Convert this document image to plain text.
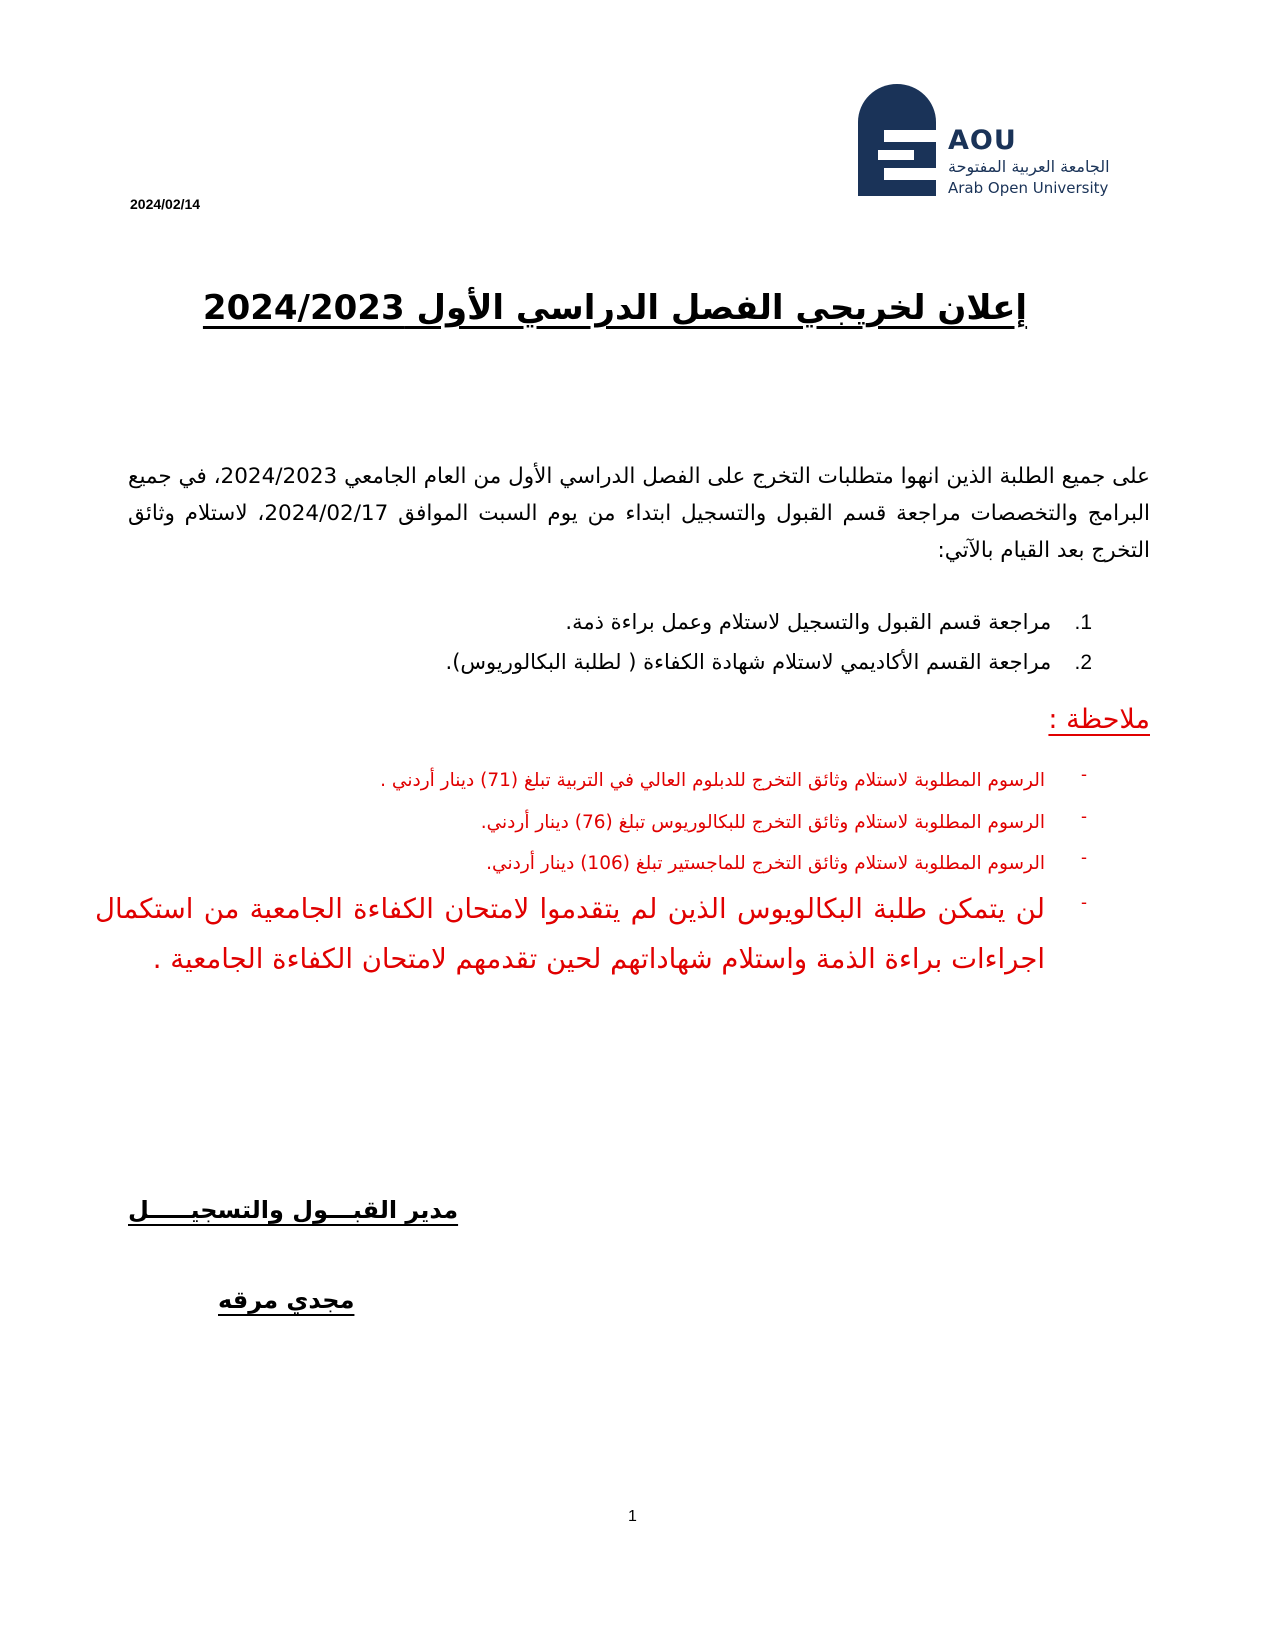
AOU
الجامعة العربية المفتوحة
Arab Open University
2024/02/14
إعلان لخريجي الفصل الدراسي الأول 2024/2023
على جميع الطلبة الذين انهوا متطلبات التخرج على الفصل الدراسي الأول من العام الجامعي 2024/2023، في جميع البرامج والتخصصات مراجعة قسم القبول والتسجيل ابتداء من يوم السبت الموافق 2024/02/17، لاستلام وثائق التخرج بعد القيام بالآتي:
1. مراجعة قسم القبول والتسجيل لاستلام وعمل براءة ذمة.
2. مراجعة القسم الأكاديمي لاستلام شهادة الكفاءة ( لطلبة البكالوريوس).
ملاحظة :
-
الرسوم المطلوبة لاستلام وثائق التخرج للدبلوم العالي في التربية تبلغ (71) دينار أردني .
-
الرسوم المطلوبة لاستلام وثائق التخرج للبكالوريوس تبلغ (76) دينار أردني.
-
الرسوم المطلوبة لاستلام وثائق التخرج للماجستير تبلغ (106) دينار أردني.
-
لن يتمكن طلبة البكالويوس الذين لم يتقدموا لامتحان الكفاءة الجامعية من استكمال اجراءات براءة الذمة واستلام شهاداتهم لحين تقدمهم لامتحان الكفاءة الجامعية .
مدير القبـــول والتسجيـــــل
مجدي مرقه
1
